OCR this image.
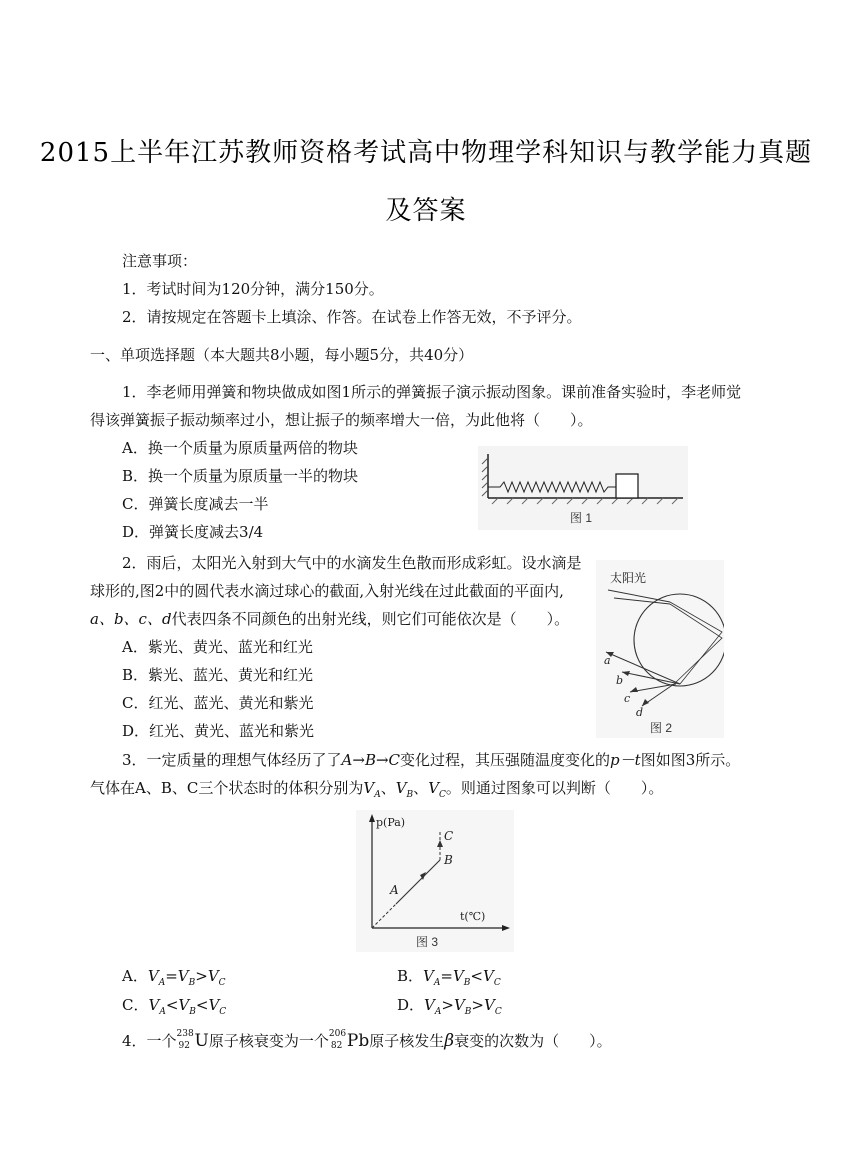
2015上半年江苏教师资格考试高中物理学科知识与教学能力真题
及答案
注意事项：
1．考试时间为120分钟，满分150分。
2．请按规定在答题卡上填涂、作答。在试卷上作答无效，不予评分。
一、单项选择题（本大题共8小题，每小题5分，共40分）
1．李老师用弹簧和物块做成如图1所示的弹簧振子演示振动图象。课前准备实验时，李老师觉
得该弹簧振子振动频率过小，想让振子的频率增大一倍，为此他将（　　）。
A．换一个质量为原质量两倍的物块
B．换一个质量为原质量一半的物块
C．弹簧长度减去一半
D．弹簧长度减去3/4
图 1
2．雨后，太阳光入射到大气中的水滴发生色散而形成彩虹。设水滴是
球形的,图2中的圆代表水滴过球心的截面,入射光线在过此截面的平面内,
a、b、c、d代表四条不同颜色的出射光线，则它们可能依次是（　　）。
A．紫光、黄光、蓝光和红光
B．紫光、蓝光、黄光和红光
C．红光、蓝光、黄光和紫光
D．红光、黄光、蓝光和紫光
太阳光
a
b
c
d
图 2
3．一定质量的理想气体经历了了A→B→C变化过程，其压强随温度变化的p－t图如图3所示。
气体在A、B、C三个状态时的体积分别为$V_A$、$V_B$、$V_C$。则通过图象可以判断（　　）。
p(Pa)
t(℃)
A
B
C
图 3
A．$V_A=V_B>V_C$	B．$V_A=V_B<V_C$
C．$V_A<V_B<V_C$	D．$V_A>V_B>V_C$
4．一个 238
92 U原子核衰变为一个 206
82 Pb原子核发生β衰变的次数为（　　）。
